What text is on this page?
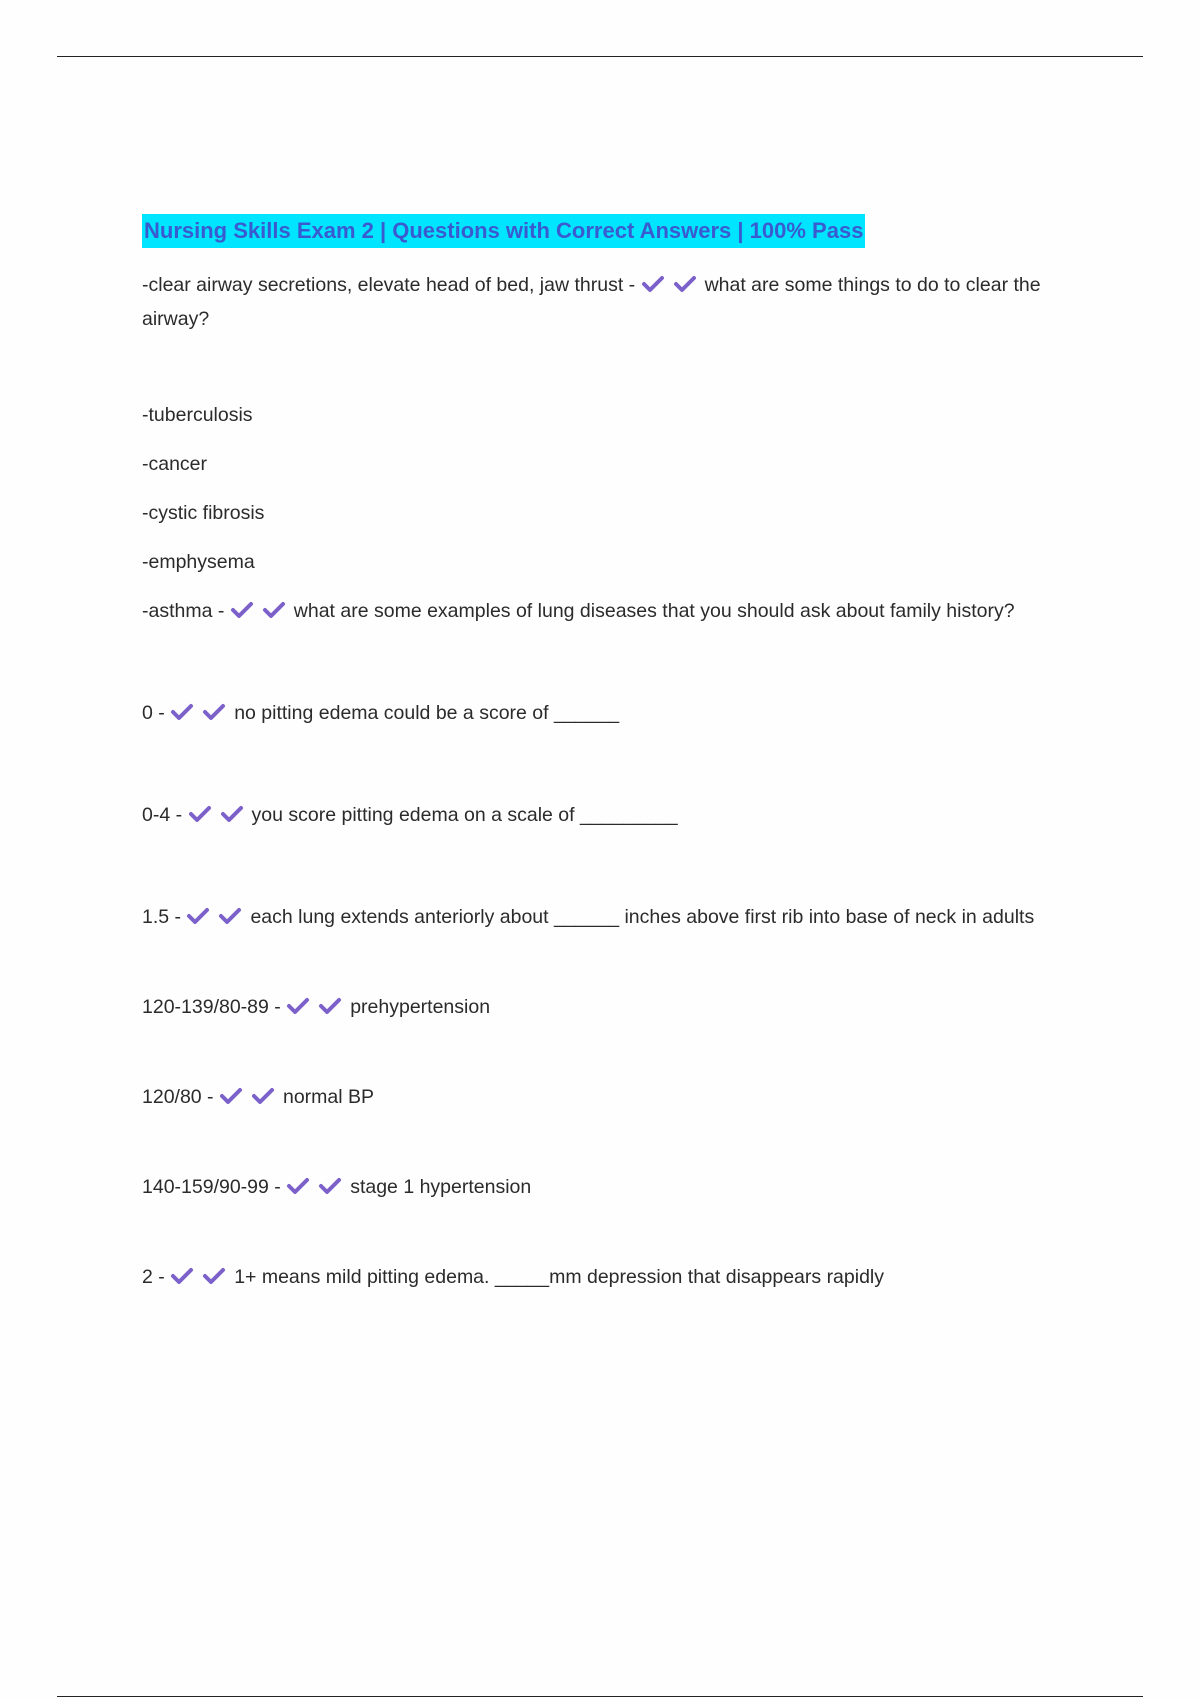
Nursing Skills Exam 2 | Questions with Correct Answers | 100% Pass

-clear airway secretions, elevate head of bed, jaw thrust -	what are some things to do to clear the airway?

-tuberculosis

-cancer

-cystic fibrosis

-emphysema

-asthma -	what are some examples of lung diseases that you should ask about family history?

0 -	no pitting edema could be a score of ______

0-4 -	you score pitting edema on a scale of _________

1.5 -	each lung extends anteriorly about ______ inches above first rib into base of neck in adults

120-139/80-89 -	prehypertension

120/80 -	normal BP

140-159/90-99 -	stage 1 hypertension

2 -	1+ means mild pitting edema. _____mm depression that disappears rapidly
